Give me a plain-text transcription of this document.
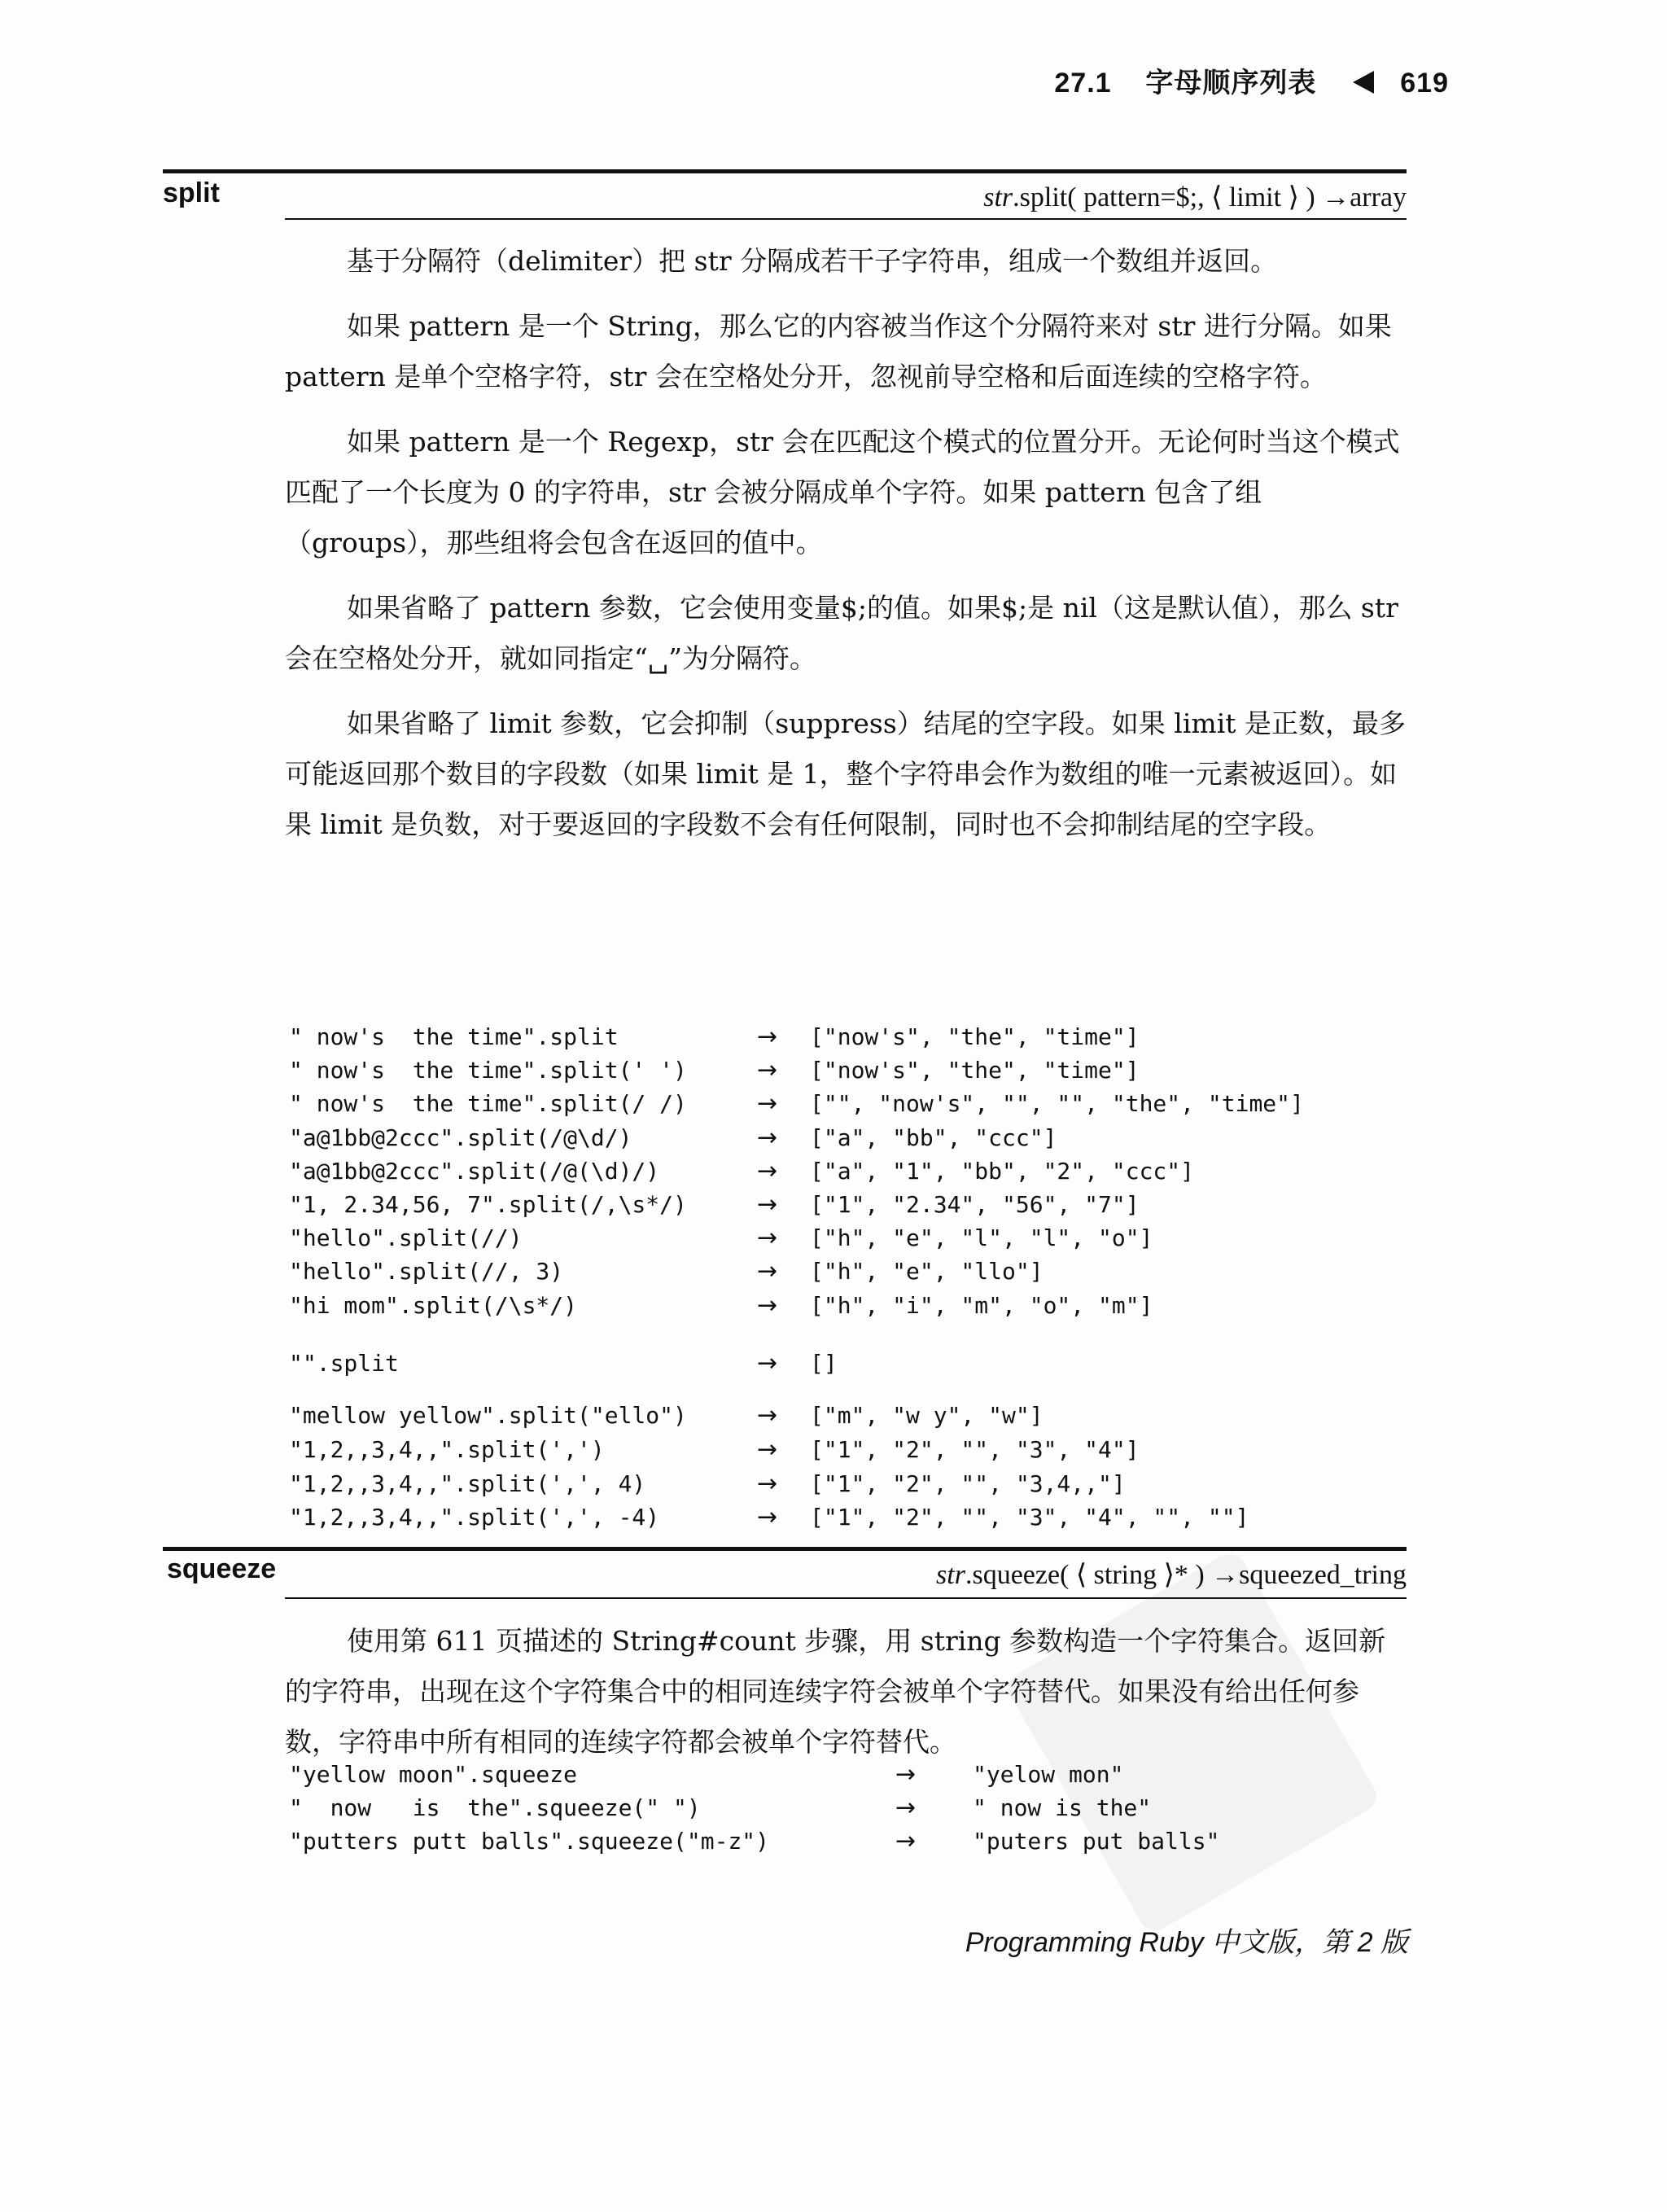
27.1 字母顺序列表	619
split	str.split( pattern=$;, ⟨ limit ⟩ ) →array

基于分隔符（delimiter）把 str 分隔成若干子字符串，组成一个数组并返回。

如果 pattern 是一个 String，那么它的内容被当作这个分隔符来对 str 进行分隔。如果 pattern 是单个空格字符，str 会在空格处分开，忽视前导空格和后面连续的空格字符。

如果 pattern 是一个 Regexp，str 会在匹配这个模式的位置分开。无论何时当这个模式匹配了一个长度为 0 的字符串，str 会被分隔成单个字符。如果 pattern 包含了组（groups），那些组将会包含在返回的值中。

如果省略了 pattern 参数，它会使用变量$;的值。如果$;是 nil（这是默认值），那么 str 会在空格处分开，就如同指定“␣”为分隔符。

如果省略了 limit 参数，它会抑制（suppress）结尾的空字段。如果 limit 是正数，最多可能返回那个数目的字段数（如果 limit 是 1，整个字符串会作为数组的唯一元素被返回）。如果 limit 是负数，对于要返回的字段数不会有任何限制，同时也不会抑制结尾的空字段。

" now's  the time".split	→ ["now's", "the", "time"]
" now's  the time".split(' ')	→ ["now's", "the", "time"]
" now's  the time".split(/ /)	→ ["", "now's", "", "", "the", "time"]
"a@1bb@2ccc".split(/@\d/)	→ ["a", "bb", "ccc"]
"a@1bb@2ccc".split(/@(\d)/)	→ ["a", "1", "bb", "2", "ccc"]
"1, 2.34,56, 7".split(/,\s*/)	→ ["1", "2.34", "56", "7"]
"hello".split(//)	→ ["h", "e", "l", "l", "o"]
"hello".split(//, 3)	→ ["h", "e", "llo"]
"hi mom".split(/\s*/)	→ ["h", "i", "m", "o", "m"]
"".split	→ []
"mellow yellow".split("ello")	→ ["m", "w y", "w"]
"1,2,,3,4,,".split(',')	→ ["1", "2", "", "3", "4"]
"1,2,,3,4,,".split(',', 4)	→ ["1", "2", "", "3,4,,"]
"1,2,,3,4,,".split(',', -4)	→ ["1", "2", "", "3", "4", "", ""]
squeeze	str.squeeze( ⟨ string ⟩* ) →squeezed_tring

使用第 611 页描述的 String#count 步骤，用 string 参数构造一个字符集合。返回新的字符串，出现在这个字符集合中的相同连续字符会被单个字符替代。如果没有给出任何参数，字符串中所有相同的连续字符都会被单个字符替代。

"yellow moon".squeeze	→ "yelow mon"
"  now   is  the".squeeze(" ")	→ " now is the"
"putters putt balls".squeeze("m-z")	→ "puters put balls"
Programming Ruby 中文版，第 2 版
